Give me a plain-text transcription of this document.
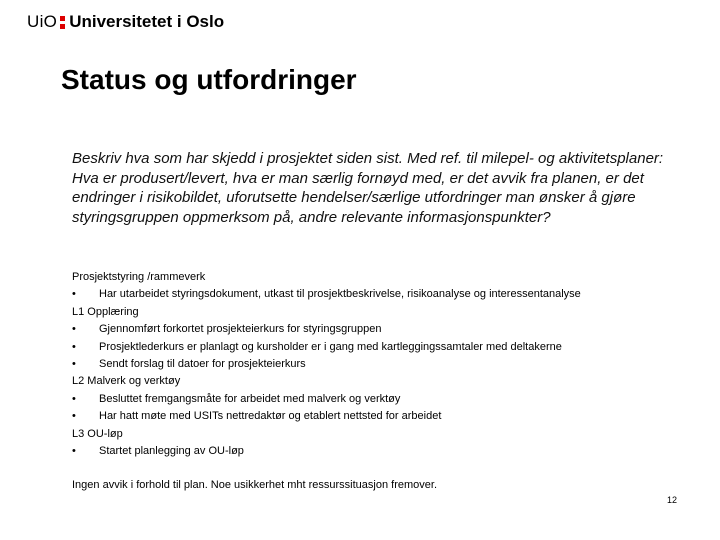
UiO Universitetet i Oslo
Status og utfordringer

Beskriv hva som har skjedd i prosjektet siden sist. Med ref. til milepel- og aktivitetsplaner: Hva er produsert/levert, hva er man særlig fornøyd med, er det avvik fra planen, er det endringer i risikobildet, uforutsette hendelser/særlige utfordringer man ønsker å gjøre styringsgruppen oppmerksom på, andre relevante informasjonspunkter?

Prosjektstyring /rammeverk

• Har utarbeidet styringsdokument, utkast til prosjektbeskrivelse, risikoanalyse og interessentanalyse

L1 Opplæring

• Gjennomført forkortet prosjekteierkurs for styringsgruppen

• Prosjektlederkurs er planlagt og kursholder er i gang med kartleggingssamtaler med deltakerne

• Sendt forslag til datoer for prosjekteierkurs

L2 Malverk og verktøy

• Besluttet fremgangsmåte for arbeidet med malverk og verktøy

• Har hatt møte med USITs nettredaktør og etablert nettsted for arbeidet

L3 OU-løp

• Startet planlegging av OU-løp

Ingen avvik i forhold til plan. Noe usikkerhet mht ressurssituasjon fremover.

12
